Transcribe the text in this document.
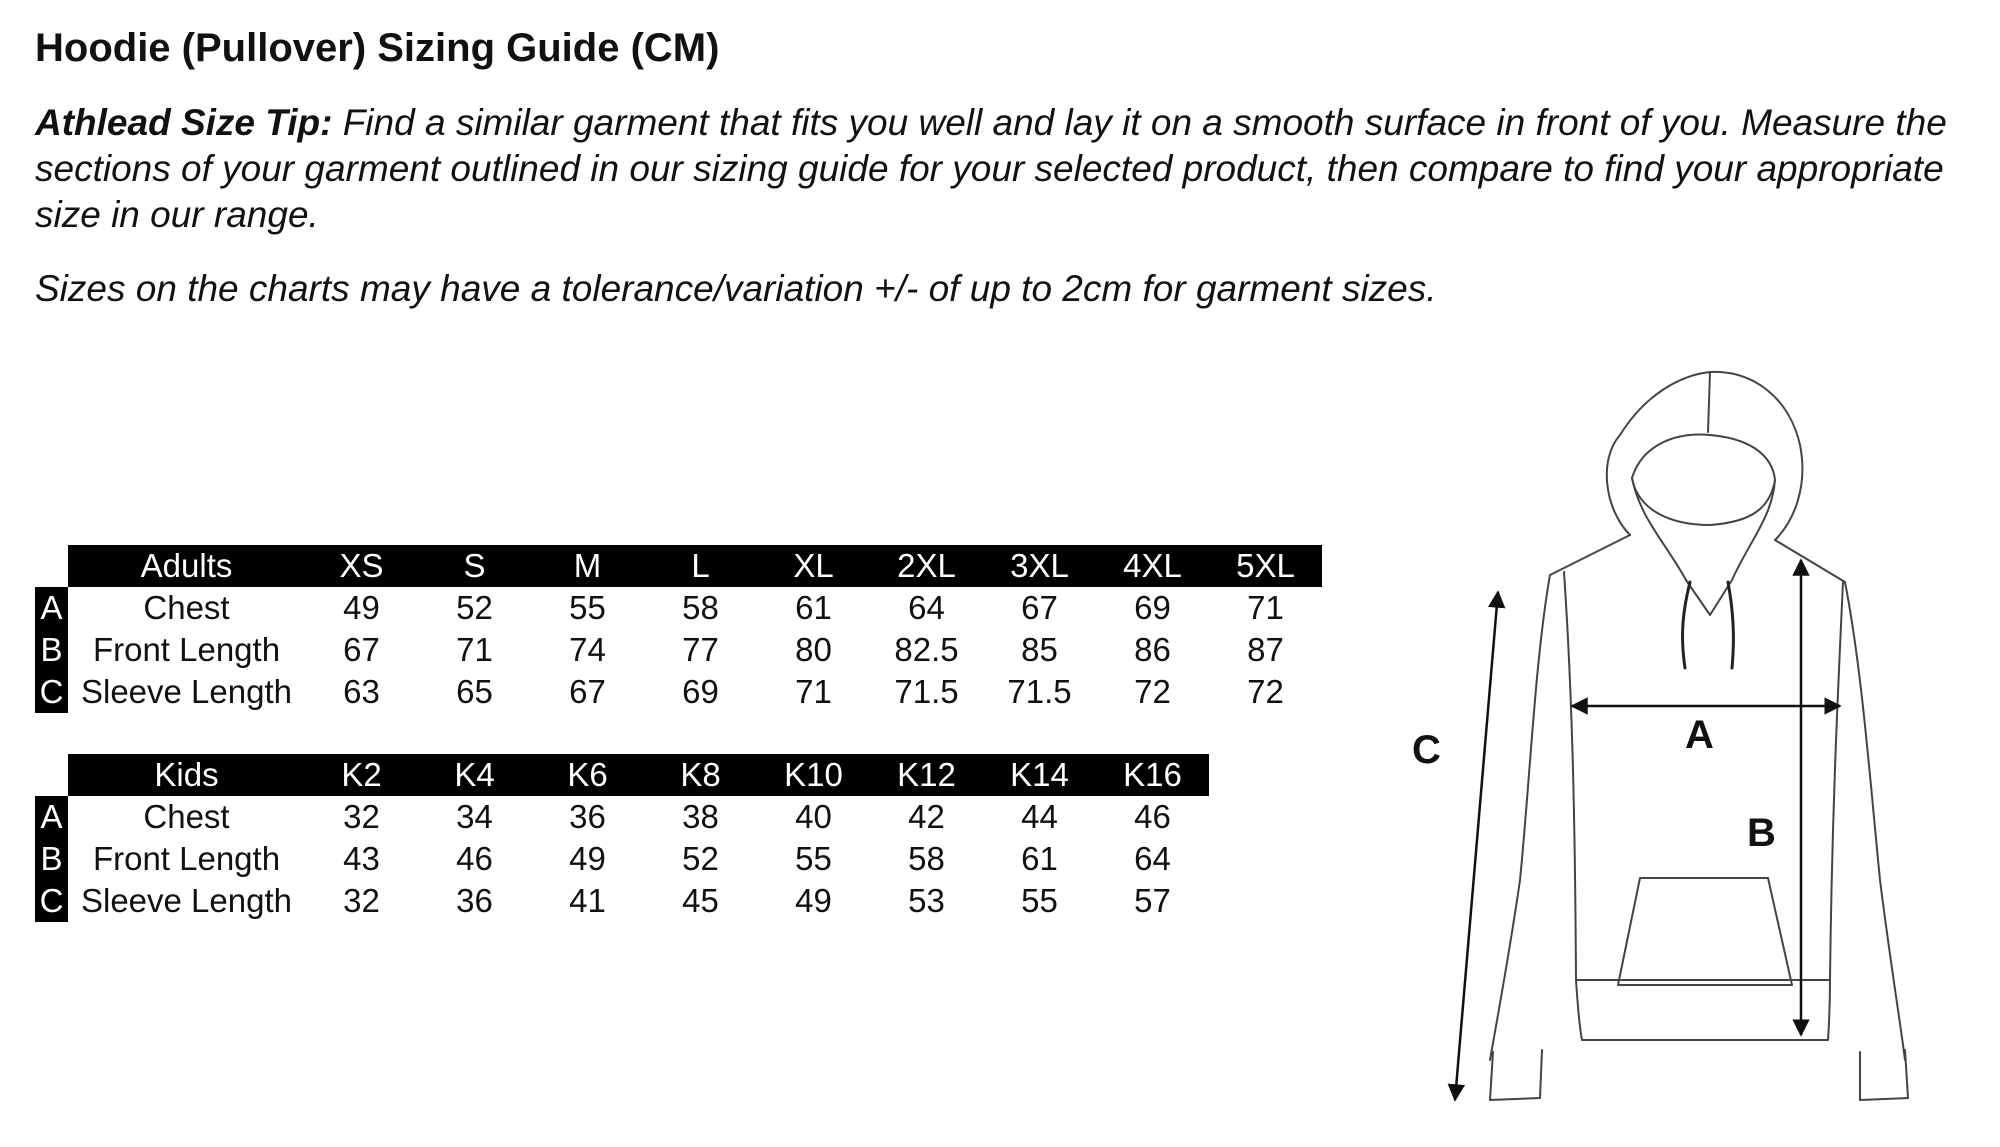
Hoodie (Pullover) Sizing Guide (CM)

Athlead Size Tip: Find a similar garment that fits you well and lay it on a smooth surface in front of you. Measure the sections of your garment outlined in our sizing guide for your selected product, then compare to find your appropriate size in our range.

Sizes on the charts may have a tolerance/variation +/- of up to 2cm for garment sizes.

	Adults	XS	S	M	L	XL	2XL	3XL	4XL	5XL
A	Chest	49	52	55	58	61	64	67	69	71
B	Front Length	67	71	74	77	80	82.5	85	86	87
C	Sleeve Length	63	65	67	69	71	71.5	71.5	72	72
	Kids	K2	K4	K6	K8	K10	K12	K14	K16
A	Chest	32	34	36	38	40	42	44	46
B	Front Length	43	46	49	52	55	58	61	64
C	Sleeve Length	32	36	41	45	49	53	55	57
A
B
C
